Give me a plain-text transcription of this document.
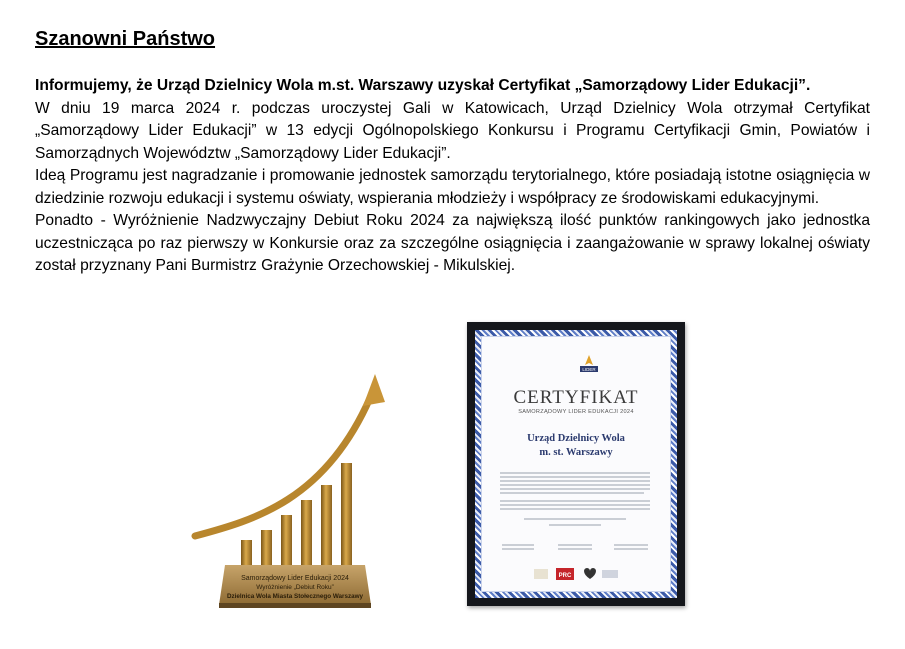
Szanowni Państwo

Informujemy, że Urząd Dzielnicy Wola m.st. Warszawy uzyskał Certyfikat „Samorządowy Lider Edukacji”.

W dniu 19 marca 2024 r. podczas uroczystej Gali w Katowicach, Urząd Dzielnicy Wola otrzymał Certyfikat „Samorządowy Lider Edukacji” w 13 edycji Ogólnopolskiego Konkursu i Programu Certyfikacji Gmin, Powiatów i Samorządnych Województw „Samorządowy Lider Edukacji”.

Ideą Programu jest nagradzanie i promowanie jednostek samorządu terytorialnego, które posiadają istotne osiągnięcia w dziedzinie rozwoju edukacji i systemu oświaty, wspierania młodzieży i współpracy ze środowiskami edukacyjnymi.

Ponadto - Wyróżnienie Nadzwyczajny Debiut Roku 2024 za największą ilość punktów rankingowych jako jednostka uczestnicząca po raz pierwszy w Konkursie oraz za szczególne osiągnięcia i zaangażowanie w sprawy lokalnej oświaty został przyznany Pani Burmistrz Grażynie Orzechowskiej - Mikulskiej.

Samorządowy Lider Edukacji 2024
Wyróżnienie „Debiut Roku”
Dzielnica Wola Miasta Stołecznego Warszawy
LIDER
CERTYFIKAT
SAMORZĄDOWY LIDER EDUKACJI 2024
Urząd Dzielnicy Wola
m. st. Warszawy
PRC
